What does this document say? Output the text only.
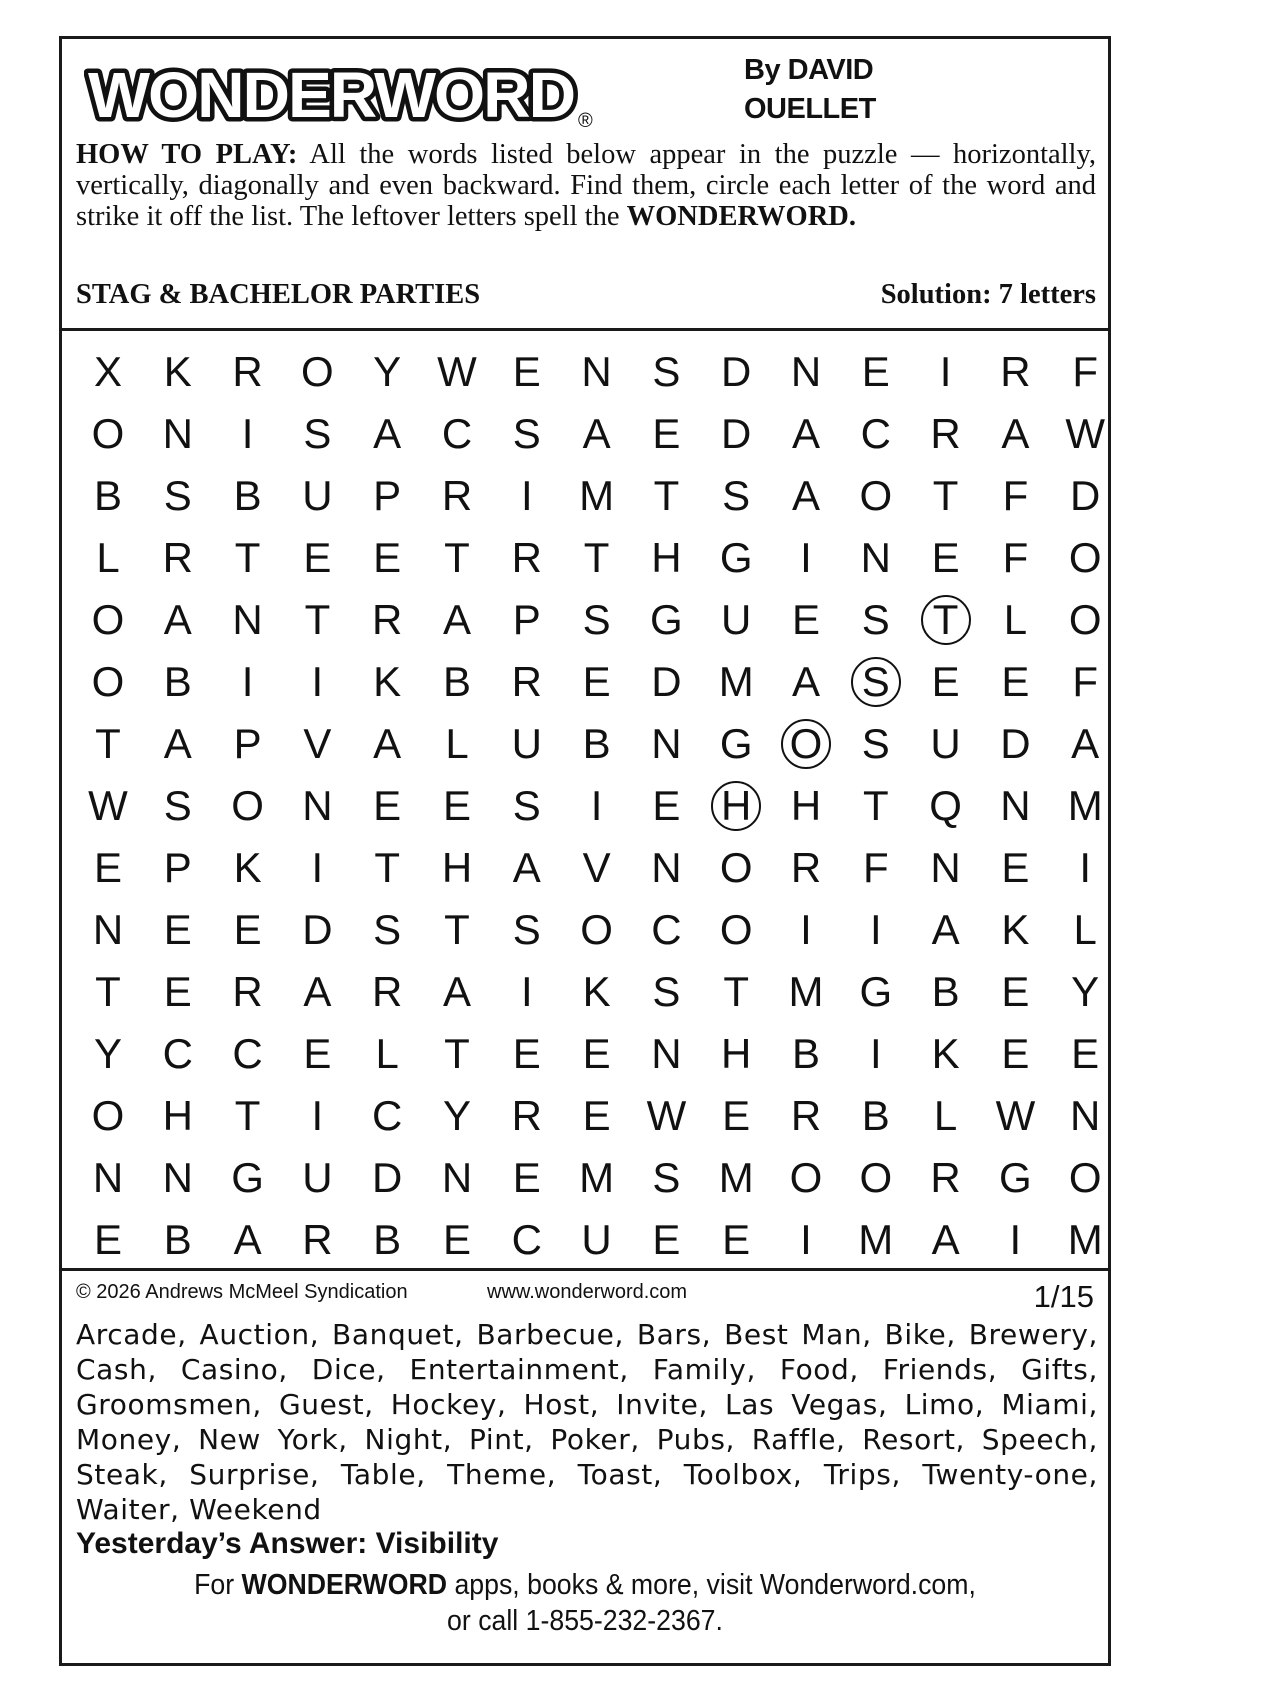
WONDERWORD ®
By DAVID
OUELLET
HOW TO PLAY: All the words listed below appear in the puzzle — horizontally, vertically, diagonally and even backward. Find them, circle each letter of the word and strike it off the list. The leftover letters spell the WONDERWORD.
STAG & BACHELOR PARTIES	Solution: 7 letters
X K R O Y W E N S D N E	I	R F
O N	I	S A C S A E D A C R A W
B S B U P R	I	M T	S A O T	F D
L	R T	E E	T R T H G	I	N E	F O
O A N T R A P S G U E S	T	L O
O B	I	I	K B R E D M A S E E	F
T	A P V A	L	U B N G O S U D A
W S O N E E S	I	E H H T Q N M
E P K	I	T H A V N O R F N E	I
N E E D S	T	S O C O	I	I	A K	L
T	E R A R A	I	K S	T M G B E Y
Y C C E	L	T	E E N H B	I	K E E
O H T	I	C Y R E W E R B	L W N
N N G U D N E M S M O O R G O
E B A R B E C U E E	I	M A	I	M
© 2026 Andrews McMeel Syndication	www.wonderword.com	1/15
Arcade, Auction, Banquet, Barbecue, Bars, Best Man, Bike, Brewery, Cash, Casino, Dice, Entertainment, Family, Food, Friends, Gifts, Groomsmen, Guest, Hockey, Host, Invite, Las Vegas, Limo, Miami, Money, New York, Night, Pint, Poker, Pubs, Raffle, Resort, Speech, Steak, Surprise, Table, Theme, Toast, Toolbox, Trips, Twenty-one, Waiter, Weekend
Yesterday’s Answer: Visibility
For WONDERWORD apps, books & more, visit Wonderword.com,
or call 1-855-232-2367.
